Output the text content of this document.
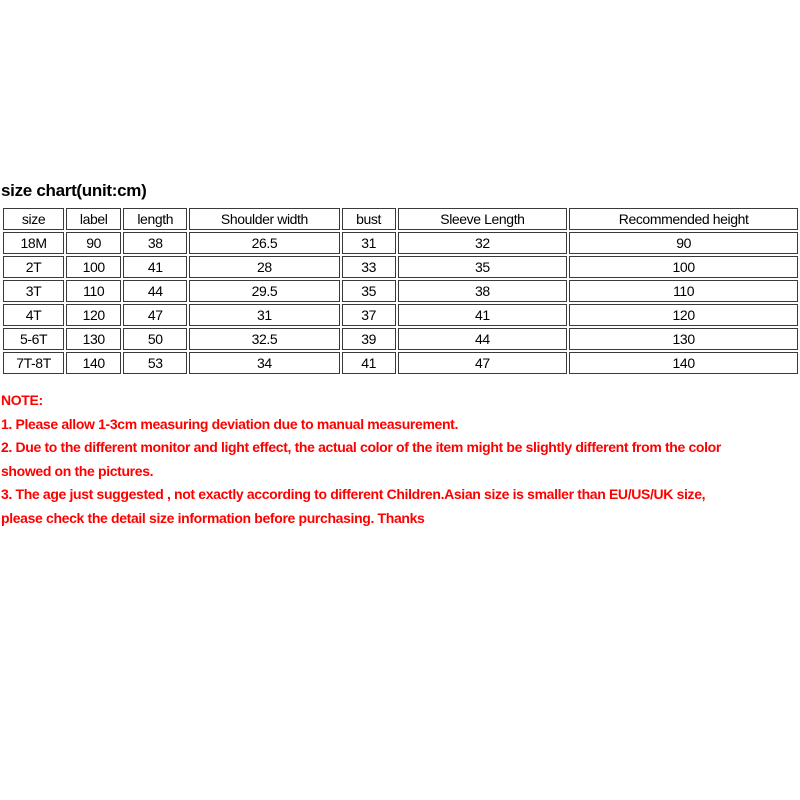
size chart(unit:cm)
size	label	length	Shoulder width	bust	Sleeve Length	Recommended height
18M	90	38	26.5	31	32	90
2T	100	41	28	33	35	100
3T	110	44	29.5	35	38	110
4T	120	47	31	37	41	120
5-6T	130	50	32.5	39	44	130
7T-8T	140	53	34	41	47	140
NOTE:
1. Please allow 1-3cm measuring deviation due to manual measurement.
2. Due to the different monitor and light effect, the actual color of the item might be slightly different from the color
showed on the pictures.
3. The age just suggested , not exactly according to different Children.Asian size is smaller than EU/US/UK size,
please check the detail size information before purchasing. Thanks
